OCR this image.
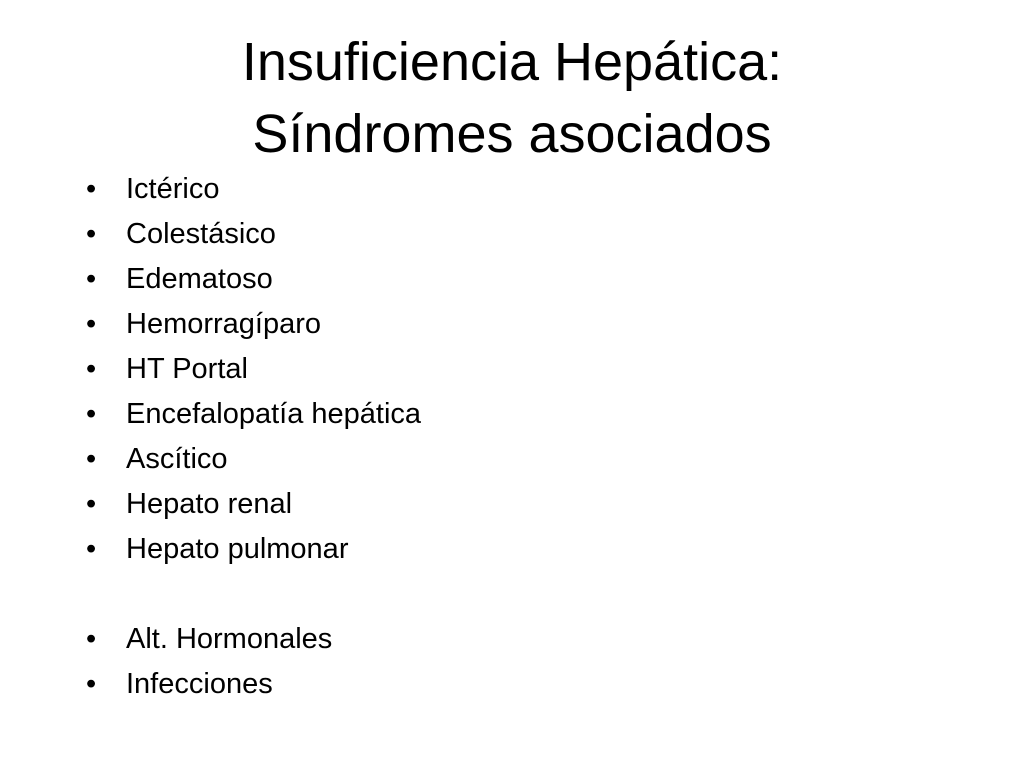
Insuficiencia Hepática:
Síndromes asociados
• Ictérico
• Colestásico
• Edematoso
• Hemorragíparo
• HT Portal
• Encefalopatía hepática
• Ascítico
• Hepato renal
• Hepato pulmonar
• Alt. Hormonales
• Infecciones
